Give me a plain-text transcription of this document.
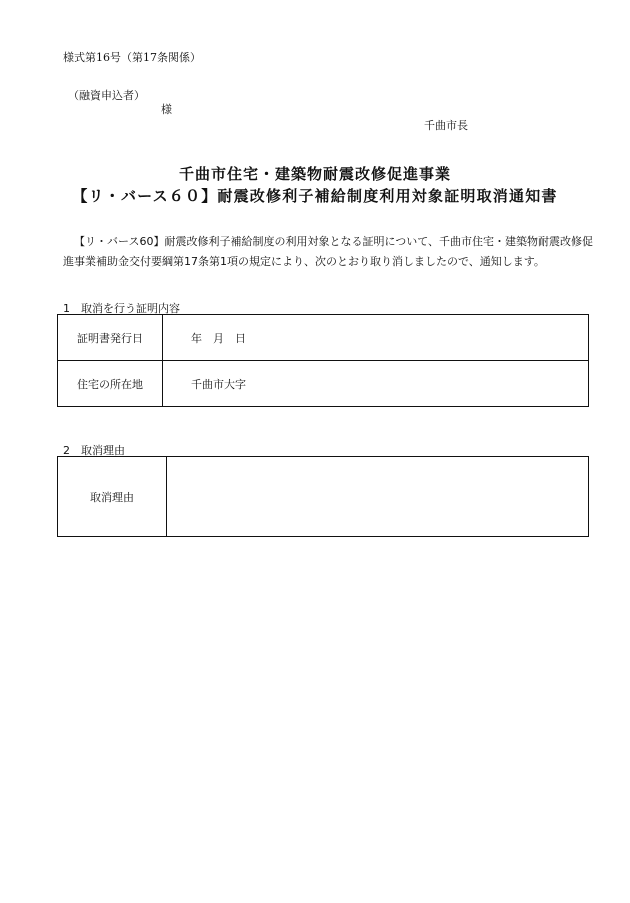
様式第16号（第17条関係）
（融資申込者）
様
千曲市長
千曲市住宅・建築物耐震改修促進事業
【リ・バース６０】耐震改修利子補給制度利用対象証明取消通知書
【リ・バース60】耐震改修利子補給制度の利用対象となる証明について、千曲市住宅・建築物耐震改修促進事業補助金交付要綱第17条第1項の規定により、次のとおり取り消しましたので、通知します。
1　取消を行う証明内容
証明書発行日	年　月　日
住宅の所在地	千曲市大字
2　取消理由
取消理由	
